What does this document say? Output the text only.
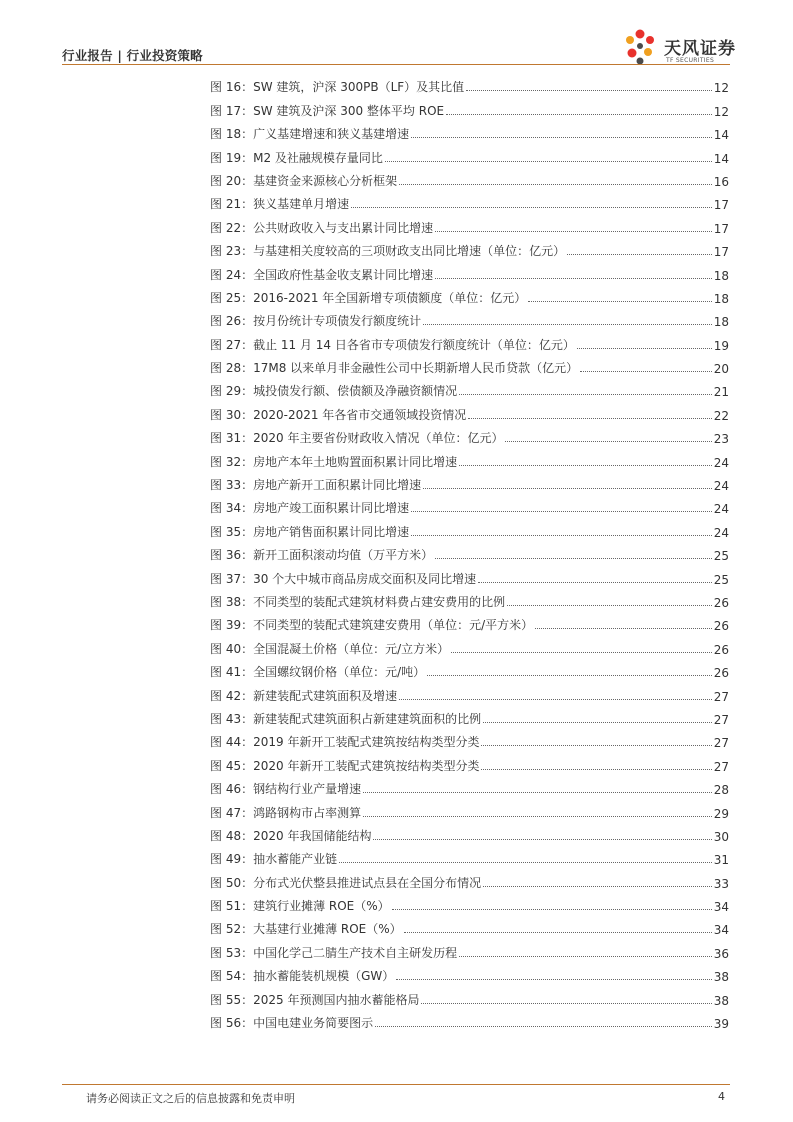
行业报告 | 行业投资策略	天风证券
TF SECURITIES
图 16：SW 建筑，沪深 300PB（LF）及其比值	12
图 17：SW 建筑及沪深 300 整体平均 ROE	12
图 18：广义基建增速和狭义基建增速	14
图 19：M2 及社融规模存量同比	14
图 20：基建资金来源核心分析框架	16
图 21：狭义基建单月增速	17
图 22：公共财政收入与支出累计同比增速	17
图 23：与基建相关度较高的三项财政支出同比增速（单位：亿元）	17
图 24：全国政府性基金收支累计同比增速	18
图 25：2016-2021 年全国新增专项债额度（单位：亿元）	18
图 26：按月份统计专项债发行额度统计	18
图 27：截止 11 月 14 日各省市专项债发行额度统计（单位：亿元）	19
图 28：17M8 以来单月非金融性公司中长期新增人民币贷款（亿元）	20
图 29：城投债发行额、偿债额及净融资额情况	21
图 30：2020-2021 年各省市交通领域投资情况	22
图 31：2020 年主要省份财政收入情况（单位：亿元）	23
图 32：房地产本年土地购置面积累计同比增速	24
图 33：房地产新开工面积累计同比增速	24
图 34：房地产竣工面积累计同比增速	24
图 35：房地产销售面积累计同比增速	24
图 36：新开工面积滚动均值（万平方米）	25
图 37：30 个大中城市商品房成交面积及同比增速	25
图 38：不同类型的装配式建筑材料费占建安费用的比例	26
图 39：不同类型的装配式建筑建安费用（单位：元/平方米）	26
图 40：全国混凝土价格（单位：元/立方米）	26
图 41：全国螺纹钢价格（单位：元/吨）	26
图 42：新建装配式建筑面积及增速	27
图 43：新建装配式建筑面积占新建建筑面积的比例	27
图 44：2019 年新开工装配式建筑按结构类型分类	27
图 45：2020 年新开工装配式建筑按结构类型分类	27
图 46：钢结构行业产量增速	28
图 47：鸿路钢构市占率测算	29
图 48：2020 年我国储能结构	30
图 49：抽水蓄能产业链	31
图 50：分布式光伏整县推进试点县在全国分布情况	33
图 51：建筑行业摊薄 ROE（%）	34
图 52：大基建行业摊薄 ROE（%）	34
图 53：中国化学己二腈生产技术自主研发历程	36
图 54：抽水蓄能装机规模（GW）	38
图 55：2025 年预测国内抽水蓄能格局	38
图 56：中国电建业务简要图示	39
请务必阅读正文之后的信息披露和免责申明	4
